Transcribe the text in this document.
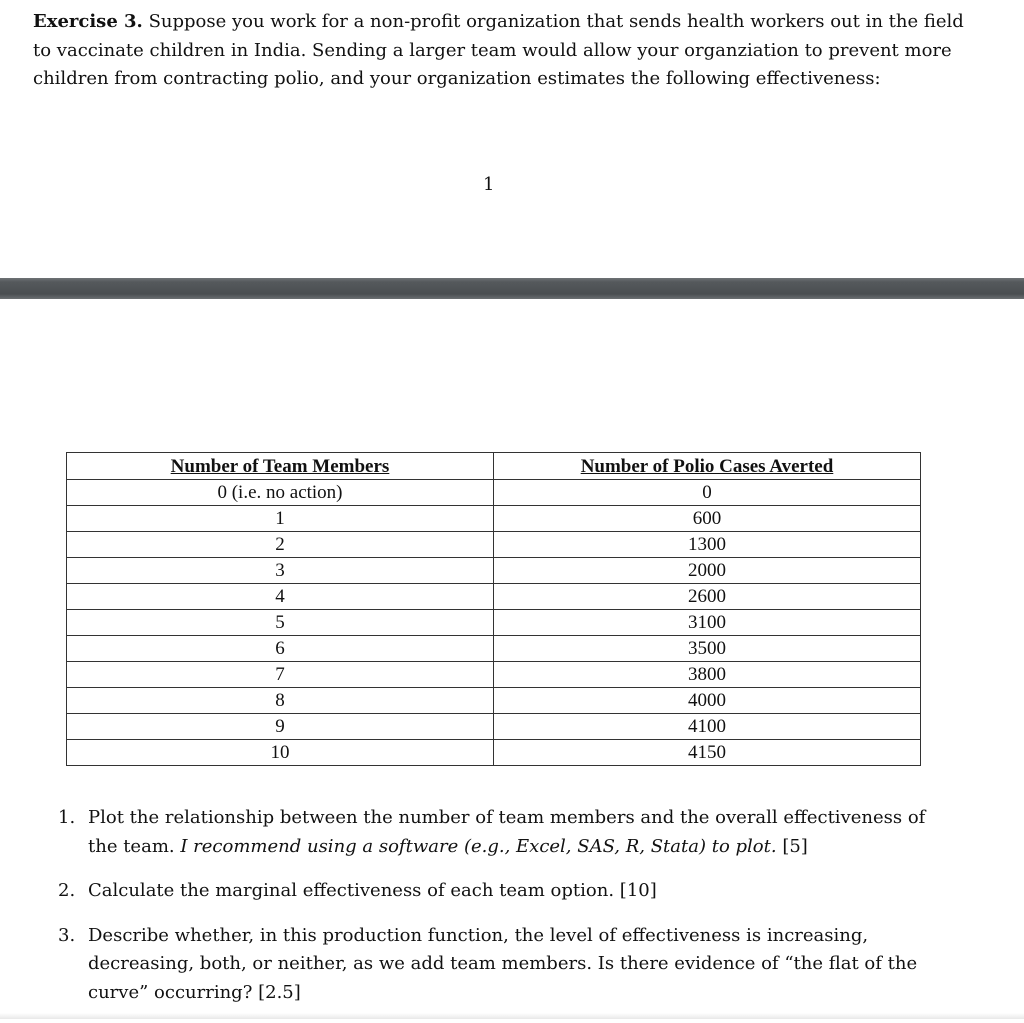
Exercise 3. Suppose you work for a non-profit organization that sends health workers out in the field to vaccinate children in India. Sending a larger team would allow your organziation to prevent more children from contracting polio, and your organization estimates the following effectiveness:

1
Number of Team Members	Number of Polio Cases Averted
0 (i.e. no action)	0
1	600
2	1300
3	2000
4	2600
5	3100
6	3500
7	3800
8	4000
9	4100
10	4150
1. Plot the relationship between the number of team members and the overall effectiveness of the team. I recommend using a software (e.g., Excel, SAS, R, Stata) to plot. [5]
2. Calculate the marginal effectiveness of each team option. [10]
3. Describe whether, in this production function, the level of effectiveness is increasing, decreasing, both, or neither, as we add team members. Is there evidence of “the flat of the curve” occurring? [2.5]
